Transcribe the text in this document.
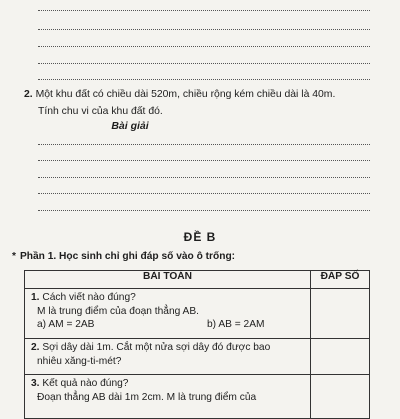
2. Một khu đất có chiều dài 520m, chiều rộng kém chiều dài là 40m.
Tính chu vi của khu đất đó.
Bài giải
ĐỀ B
* Phần 1. Học sinh chỉ ghi đáp số vào ô trống:
BÀI TOÁN	ĐÁP SỐ

1. Cách viết nào đúng?
M là trung điểm của đoạn thẳng AB.
a) AM = 2AB b) AB = 2AM	

2. Sợi dây dài 1m. Cắt một nửa sợi dây đó được bao
nhiêu xăng-ti-mét?	

3. Kết quả nào đúng?
Đoạn thẳng AB dài 1m 2cm. M là trung điểm của	
